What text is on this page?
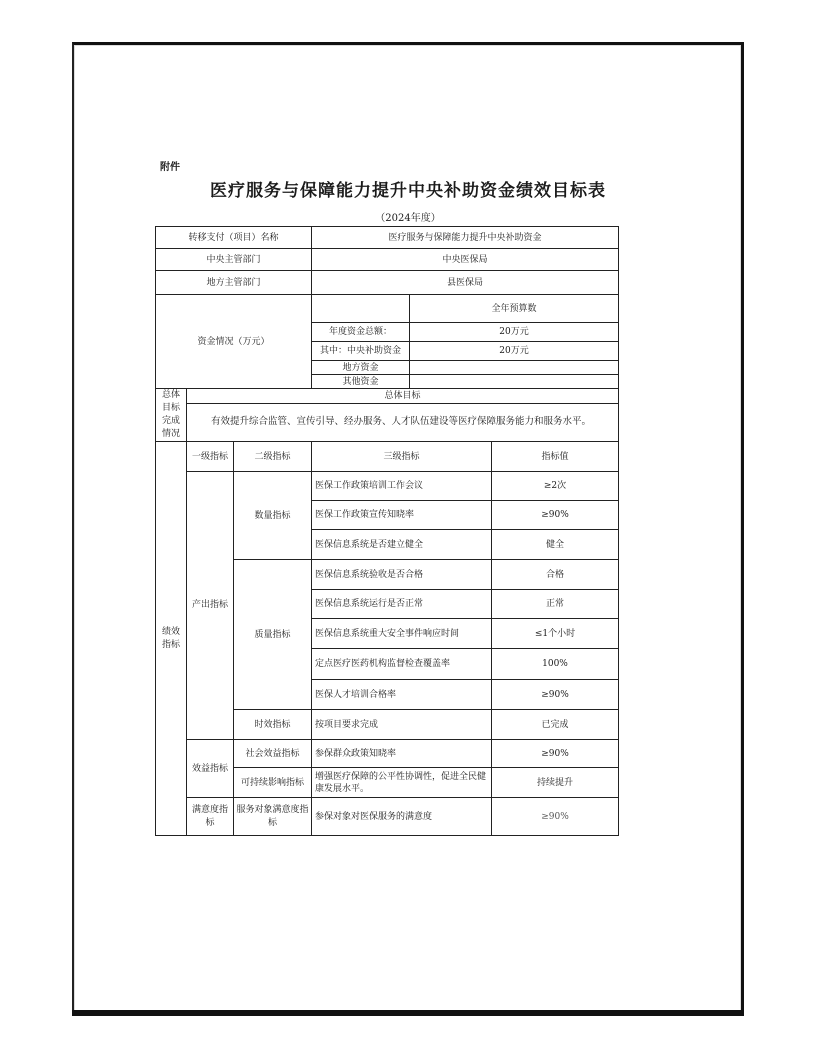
附件
医疗服务与保障能力提升中央补助资金绩效目标表
（2024年度）
转移支付（项目）名称			医疗服务与保障能力提升中央补助资金		
中央主管部门			中央医保局		
地方主管部门			县医保局		
资金情况（万元）				全年预算数	
			年度资金总额：	20万元	
			其中：中央补助资金	20万元	
			地方资金		
			其他资金		
总体目标完成情况	总体目标				
	有效提升综合监管、宣传引导、经办服务、人才队伍建设等医疗保障服务能力和服务水平。				
绩效指标	一级指标	二级指标	三级指标		指标值
	产出指标	数量指标	医保工作政策培训工作会议		≥2次
			医保工作政策宣传知晓率		≥90%
			医保信息系统是否建立健全		健全
		质量指标	医保信息系统验收是否合格		合格
			医保信息系统运行是否正常		正常
			医保信息系统重大安全事件响应时间		≤1个小时
			定点医疗医药机构监督检查覆盖率		100%
			医保人才培训合格率		≥90%
		时效指标	按项目要求完成		已完成
	效益指标	社会效益指标	参保群众政策知晓率		≥90%
		可持续影响指标	增强医疗保障的公平性协调性，促进全民健康发展水平。		持续提升
	满意度指标	服务对象满意度指标	参保对象对医保服务的满意度		≥90%
